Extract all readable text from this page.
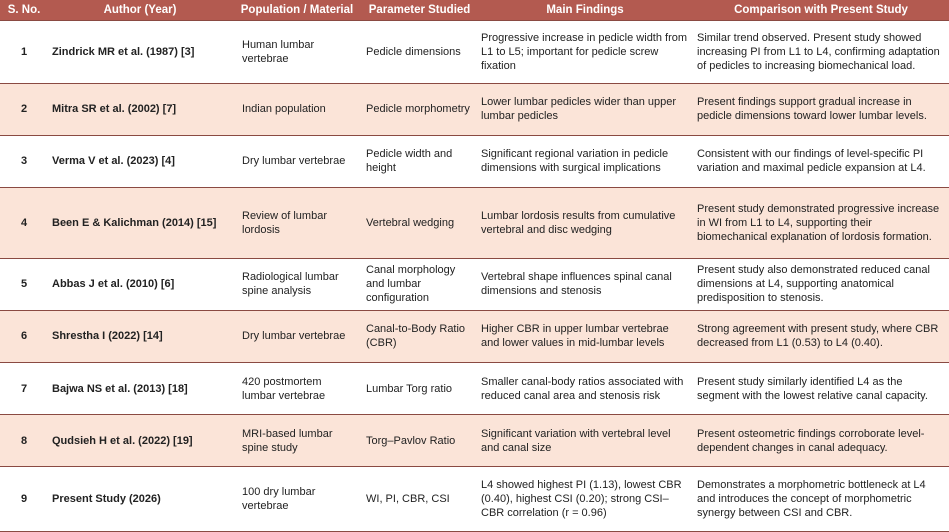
S. No.	Author (Year)	Population / Material	Parameter Studied	Main Findings	Comparison with Present Study
1	Zindrick MR et al. (1987) [3]	Human lumbar vertebrae	Pedicle dimensions	Progressive increase in pedicle width from L1 to L5; important for pedicle screw fixation	Similar trend observed. Present study showed increasing PI from L1 to L4, confirming adaptation of pedicles to increasing biomechanical load.
2	Mitra SR et al. (2002) [7]	Indian population	Pedicle morphometry	Lower lumbar pedicles wider than upper lumbar pedicles	Present findings support gradual increase in pedicle dimensions toward lower lumbar levels.
3	Verma V et al. (2023) [4]	Dry lumbar vertebrae	Pedicle width and height	Significant regional variation in pedicle dimensions with surgical implications	Consistent with our findings of level-specific PI variation and maximal pedicle expansion at L4.
4	Been E & Kalichman (2014) [15]	Review of lumbar lordosis	Vertebral wedging	Lumbar lordosis results from cumulative vertebral and disc wedging	Present study demonstrated progressive increase in WI from L1 to L4, supporting their biomechanical explanation of lordosis formation.
5	Abbas J et al. (2010) [6]	Radiological lumbar spine analysis	Canal morphology and lumbar configuration	Vertebral shape influences spinal canal dimensions and stenosis	Present study also demonstrated reduced canal dimensions at L4, supporting anatomical predisposition to stenosis.
6	Shrestha I (2022) [14]	Dry lumbar vertebrae	Canal-to-Body Ratio (CBR)	Higher CBR in upper lumbar vertebrae and lower values in mid-lumbar levels	Strong agreement with present study, where CBR decreased from L1 (0.53) to L4 (0.40).
7	Bajwa NS et al. (2013) [18]	420 postmortem lumbar vertebrae	Lumbar Torg ratio	Smaller canal-body ratios associated with reduced canal area and stenosis risk	Present study similarly identified L4 as the segment with the lowest relative canal capacity.
8	Qudsieh H et al. (2022) [19]	MRI-based lumbar spine study	Torg–Pavlov Ratio	Significant variation with vertebral level and canal size	Present osteometric findings corroborate level-dependent changes in canal adequacy.
9	Present Study (2026)	100 dry lumbar vertebrae	WI, PI, CBR, CSI	L4 showed highest PI (1.13), lowest CBR (0.40), highest CSI (0.20); strong CSI–CBR correlation (r = 0.96)	Demonstrates a morphometric bottleneck at L4 and introduces the concept of morphometric synergy between CSI and CBR.
